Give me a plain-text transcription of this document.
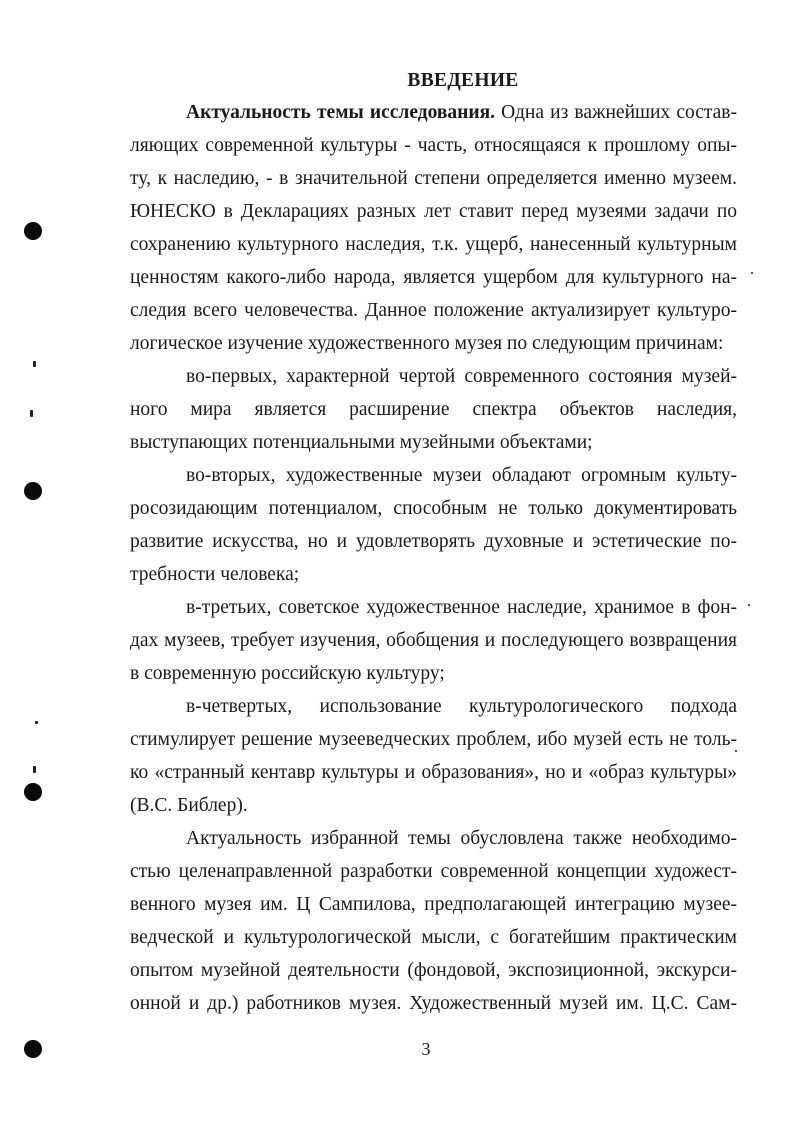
ВВЕДЕНИЕ
Актуальность темы исследования. Одна из важнейших состав-
ляющих современной культуры - часть, относящаяся к прошлому опы-
ту, к наследию, - в значительной степени определяется именно музеем.
ЮНЕСКО в Декларациях разных лет ставит перед музеями задачи по
сохранению культурного наследия, т.к. ущерб, нанесенный культурным
ценностям какого-либо народа, является ущербом для культурного на-
следия всего человечества. Данное положение актуализирует культуро-
логическое изучение художественного музея по следующим причинам:
во-первых, характерной чертой современного состояния музей-
ного мира является расширение спектра объектов наследия,
выступающих потенциальными музейными объектами;
во-вторых, художественные музеи обладают огромным культу-
росозидающим потенциалом, способным не только документировать
развитие искусства, но и удовлетворять духовные и эстетические по-
требности человека;
в-третьих, советское художественное наследие, хранимое в фон-
дах музеев, требует изучения, обобщения и последующего возвращения
в современную российскую культуру;
в-четвертых, использование культурологического подхода
стимулирует решение музееведческих проблем, ибо музей есть не толь-
ко «странный кентавр культуры и образования», но и «образ культуры»
(B.C. Библер).
Актуальность избранной темы обусловлена также необходимо-
стью целенаправленной разработки современной концепции художест-
венного музея им. Ц Сампилова, предполагающей интеграцию музее-
ведческой и культурологической мысли, с богатейшим практическим
опытом музейной деятельности (фондовой, экспозиционной, экскурси-
онной и др.) работников музея. Художественный музей им. Ц.С. Сам-
3
